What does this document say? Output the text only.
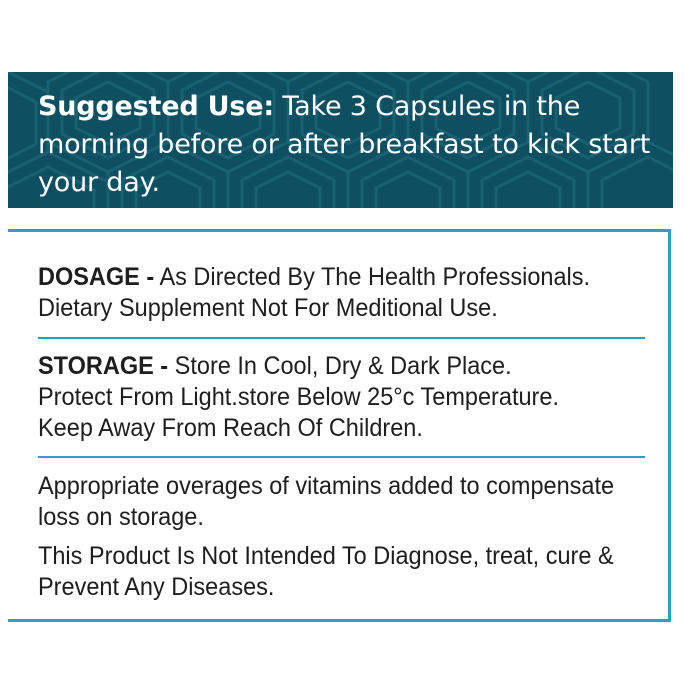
Suggested Use: Take 3 Capsules in the morning before or after breakfast to kick start your day.
DOSAGE - As Directed By The Health Professionals.
Dietary Supplement Not For Meditional Use.
STORAGE - Store In Cool, Dry & Dark Place.
Protect From Light.store Below 25°c Temperature.
Keep Away From Reach Of Children.
Appropriate overages of vitamins added to compensate loss on storage.
This Product Is Not Intended To Diagnose, treat, cure & Prevent Any Diseases.
